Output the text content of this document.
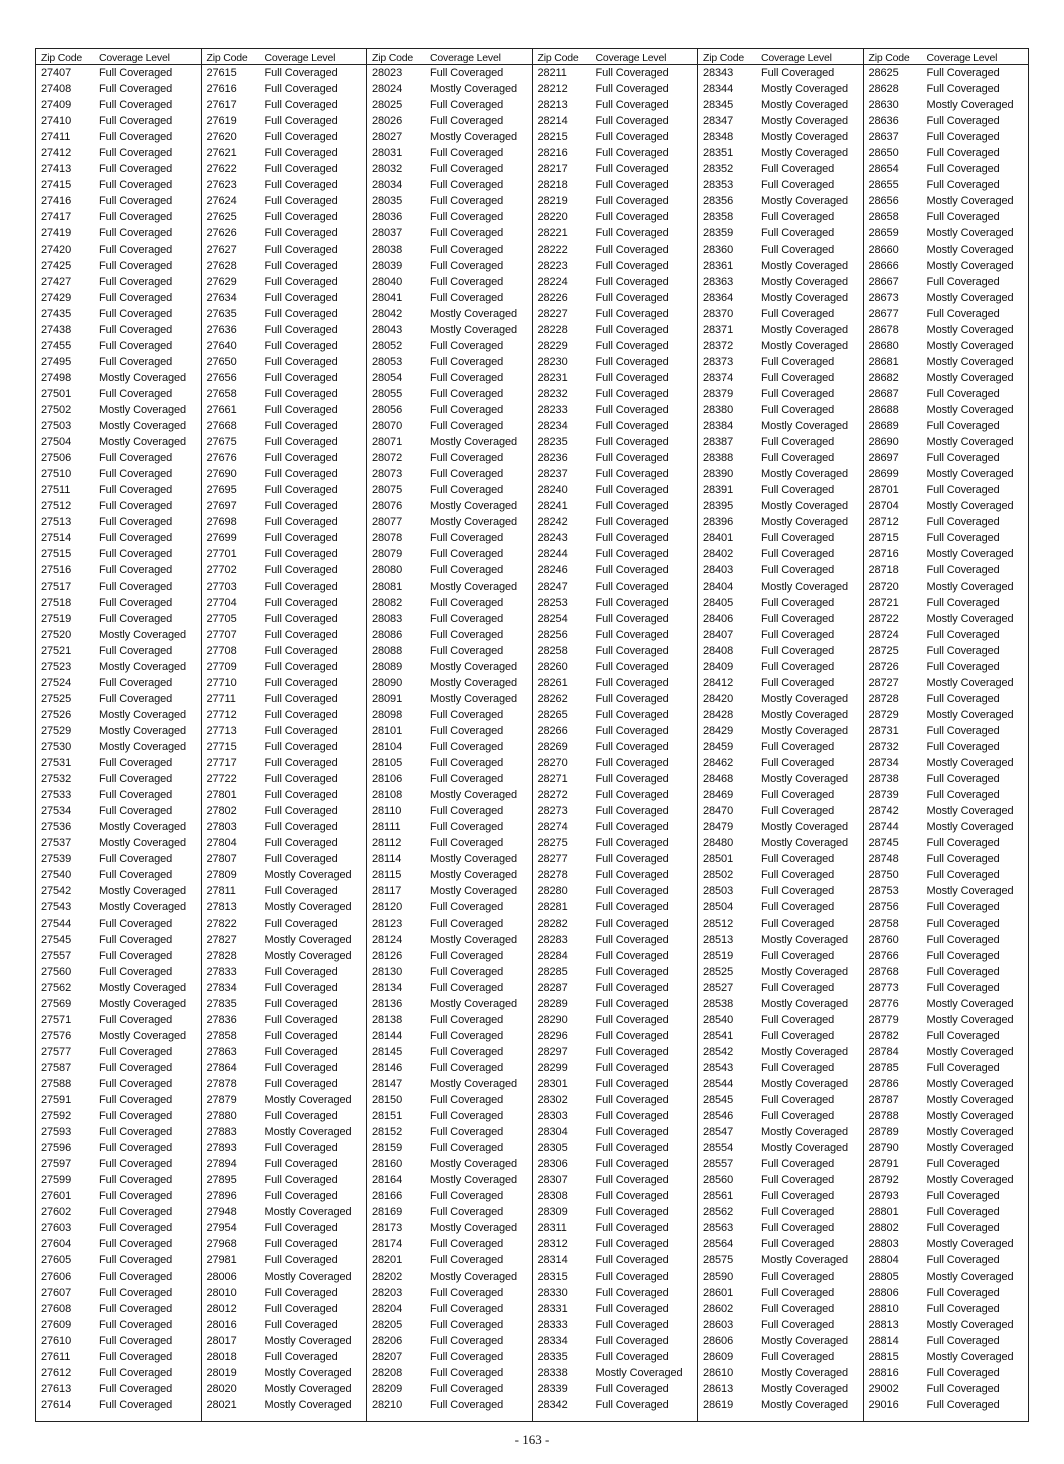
Zip Code	Coverage Level
27407	Full Coveraged
27408	Full Coveraged
27409	Full Coveraged
27410	Full Coveraged
27411	Full Coveraged
27412	Full Coveraged
27413	Full Coveraged
27415	Full Coveraged
27416	Full Coveraged
27417	Full Coveraged
27419	Full Coveraged
27420	Full Coveraged
27425	Full Coveraged
27427	Full Coveraged
27429	Full Coveraged
27435	Full Coveraged
27438	Full Coveraged
27455	Full Coveraged
27495	Full Coveraged
27498	Mostly Coveraged
27501	Full Coveraged
27502	Mostly Coveraged
27503	Mostly Coveraged
27504	Mostly Coveraged
27506	Full Coveraged
27510	Full Coveraged
27511	Full Coveraged
27512	Full Coveraged
27513	Full Coveraged
27514	Full Coveraged
27515	Full Coveraged
27516	Full Coveraged
27517	Full Coveraged
27518	Full Coveraged
27519	Full Coveraged
27520	Mostly Coveraged
27521	Full Coveraged
27523	Mostly Coveraged
27524	Full Coveraged
27525	Full Coveraged
27526	Mostly Coveraged
27529	Mostly Coveraged
27530	Mostly Coveraged
27531	Full Coveraged
27532	Full Coveraged
27533	Full Coveraged
27534	Full Coveraged
27536	Mostly Coveraged
27537	Mostly Coveraged
27539	Full Coveraged
27540	Full Coveraged
27542	Mostly Coveraged
27543	Mostly Coveraged
27544	Full Coveraged
27545	Full Coveraged
27557	Full Coveraged
27560	Full Coveraged
27562	Mostly Coveraged
27569	Mostly Coveraged
27571	Full Coveraged
27576	Mostly Coveraged
27577	Full Coveraged
27587	Full Coveraged
27588	Full Coveraged
27591	Full Coveraged
27592	Full Coveraged
27593	Full Coveraged
27596	Full Coveraged
27597	Full Coveraged
27599	Full Coveraged
27601	Full Coveraged
27602	Full Coveraged
27603	Full Coveraged
27604	Full Coveraged
27605	Full Coveraged
27606	Full Coveraged
27607	Full Coveraged
27608	Full Coveraged
27609	Full Coveraged
27610	Full Coveraged
27611	Full Coveraged
27612	Full Coveraged
27613	Full Coveraged
27614	Full Coveraged
Zip Code	Coverage Level
27615	Full Coveraged
27616	Full Coveraged
27617	Full Coveraged
27619	Full Coveraged
27620	Full Coveraged
27621	Full Coveraged
27622	Full Coveraged
27623	Full Coveraged
27624	Full Coveraged
27625	Full Coveraged
27626	Full Coveraged
27627	Full Coveraged
27628	Full Coveraged
27629	Full Coveraged
27634	Full Coveraged
27635	Full Coveraged
27636	Full Coveraged
27640	Full Coveraged
27650	Full Coveraged
27656	Full Coveraged
27658	Full Coveraged
27661	Full Coveraged
27668	Full Coveraged
27675	Full Coveraged
27676	Full Coveraged
27690	Full Coveraged
27695	Full Coveraged
27697	Full Coveraged
27698	Full Coveraged
27699	Full Coveraged
27701	Full Coveraged
27702	Full Coveraged
27703	Full Coveraged
27704	Full Coveraged
27705	Full Coveraged
27707	Full Coveraged
27708	Full Coveraged
27709	Full Coveraged
27710	Full Coveraged
27711	Full Coveraged
27712	Full Coveraged
27713	Full Coveraged
27715	Full Coveraged
27717	Full Coveraged
27722	Full Coveraged
27801	Full Coveraged
27802	Full Coveraged
27803	Full Coveraged
27804	Full Coveraged
27807	Full Coveraged
27809	Mostly Coveraged
27811	Full Coveraged
27813	Mostly Coveraged
27822	Full Coveraged
27827	Mostly Coveraged
27828	Mostly Coveraged
27833	Full Coveraged
27834	Full Coveraged
27835	Full Coveraged
27836	Full Coveraged
27858	Full Coveraged
27863	Full Coveraged
27864	Full Coveraged
27878	Full Coveraged
27879	Mostly Coveraged
27880	Full Coveraged
27883	Mostly Coveraged
27893	Full Coveraged
27894	Full Coveraged
27895	Full Coveraged
27896	Full Coveraged
27948	Mostly Coveraged
27954	Full Coveraged
27968	Full Coveraged
27981	Full Coveraged
28006	Mostly Coveraged
28010	Full Coveraged
28012	Full Coveraged
28016	Full Coveraged
28017	Mostly Coveraged
28018	Full Coveraged
28019	Mostly Coveraged
28020	Mostly Coveraged
28021	Mostly Coveraged
Zip Code	Coverage Level
28023	Full Coveraged
28024	Mostly Coveraged
28025	Full Coveraged
28026	Full Coveraged
28027	Mostly Coveraged
28031	Full Coveraged
28032	Full Coveraged
28034	Full Coveraged
28035	Full Coveraged
28036	Full Coveraged
28037	Full Coveraged
28038	Full Coveraged
28039	Full Coveraged
28040	Full Coveraged
28041	Full Coveraged
28042	Mostly Coveraged
28043	Mostly Coveraged
28052	Full Coveraged
28053	Full Coveraged
28054	Full Coveraged
28055	Full Coveraged
28056	Full Coveraged
28070	Full Coveraged
28071	Mostly Coveraged
28072	Full Coveraged
28073	Full Coveraged
28075	Full Coveraged
28076	Mostly Coveraged
28077	Mostly Coveraged
28078	Full Coveraged
28079	Full Coveraged
28080	Full Coveraged
28081	Mostly Coveraged
28082	Full Coveraged
28083	Full Coveraged
28086	Full Coveraged
28088	Full Coveraged
28089	Mostly Coveraged
28090	Mostly Coveraged
28091	Mostly Coveraged
28098	Full Coveraged
28101	Full Coveraged
28104	Full Coveraged
28105	Full Coveraged
28106	Full Coveraged
28108	Mostly Coveraged
28110	Full Coveraged
28111	Full Coveraged
28112	Full Coveraged
28114	Mostly Coveraged
28115	Mostly Coveraged
28117	Mostly Coveraged
28120	Full Coveraged
28123	Full Coveraged
28124	Mostly Coveraged
28126	Full Coveraged
28130	Full Coveraged
28134	Full Coveraged
28136	Mostly Coveraged
28138	Full Coveraged
28144	Full Coveraged
28145	Full Coveraged
28146	Full Coveraged
28147	Mostly Coveraged
28150	Full Coveraged
28151	Full Coveraged
28152	Full Coveraged
28159	Full Coveraged
28160	Mostly Coveraged
28164	Mostly Coveraged
28166	Full Coveraged
28169	Full Coveraged
28173	Mostly Coveraged
28174	Full Coveraged
28201	Full Coveraged
28202	Mostly Coveraged
28203	Full Coveraged
28204	Full Coveraged
28205	Full Coveraged
28206	Full Coveraged
28207	Full Coveraged
28208	Full Coveraged
28209	Full Coveraged
28210	Full Coveraged
Zip Code	Coverage Level
28211	Full Coveraged
28212	Full Coveraged
28213	Full Coveraged
28214	Full Coveraged
28215	Full Coveraged
28216	Full Coveraged
28217	Full Coveraged
28218	Full Coveraged
28219	Full Coveraged
28220	Full Coveraged
28221	Full Coveraged
28222	Full Coveraged
28223	Full Coveraged
28224	Full Coveraged
28226	Full Coveraged
28227	Full Coveraged
28228	Full Coveraged
28229	Full Coveraged
28230	Full Coveraged
28231	Full Coveraged
28232	Full Coveraged
28233	Full Coveraged
28234	Full Coveraged
28235	Full Coveraged
28236	Full Coveraged
28237	Full Coveraged
28240	Full Coveraged
28241	Full Coveraged
28242	Full Coveraged
28243	Full Coveraged
28244	Full Coveraged
28246	Full Coveraged
28247	Full Coveraged
28253	Full Coveraged
28254	Full Coveraged
28256	Full Coveraged
28258	Full Coveraged
28260	Full Coveraged
28261	Full Coveraged
28262	Full Coveraged
28265	Full Coveraged
28266	Full Coveraged
28269	Full Coveraged
28270	Full Coveraged
28271	Full Coveraged
28272	Full Coveraged
28273	Full Coveraged
28274	Full Coveraged
28275	Full Coveraged
28277	Full Coveraged
28278	Full Coveraged
28280	Full Coveraged
28281	Full Coveraged
28282	Full Coveraged
28283	Full Coveraged
28284	Full Coveraged
28285	Full Coveraged
28287	Full Coveraged
28289	Full Coveraged
28290	Full Coveraged
28296	Full Coveraged
28297	Full Coveraged
28299	Full Coveraged
28301	Full Coveraged
28302	Full Coveraged
28303	Full Coveraged
28304	Full Coveraged
28305	Full Coveraged
28306	Full Coveraged
28307	Full Coveraged
28308	Full Coveraged
28309	Full Coveraged
28311	Full Coveraged
28312	Full Coveraged
28314	Full Coveraged
28315	Full Coveraged
28330	Full Coveraged
28331	Full Coveraged
28333	Full Coveraged
28334	Full Coveraged
28335	Full Coveraged
28338	Mostly Coveraged
28339	Full Coveraged
28342	Full Coveraged
Zip Code	Coverage Level
28343	Full Coveraged
28344	Mostly Coveraged
28345	Mostly Coveraged
28347	Mostly Coveraged
28348	Mostly Coveraged
28351	Mostly Coveraged
28352	Full Coveraged
28353	Full Coveraged
28356	Mostly Coveraged
28358	Full Coveraged
28359	Full Coveraged
28360	Full Coveraged
28361	Mostly Coveraged
28363	Mostly Coveraged
28364	Mostly Coveraged
28370	Full Coveraged
28371	Mostly Coveraged
28372	Mostly Coveraged
28373	Full Coveraged
28374	Full Coveraged
28379	Full Coveraged
28380	Full Coveraged
28384	Mostly Coveraged
28387	Full Coveraged
28388	Full Coveraged
28390	Mostly Coveraged
28391	Full Coveraged
28395	Mostly Coveraged
28396	Mostly Coveraged
28401	Full Coveraged
28402	Full Coveraged
28403	Full Coveraged
28404	Mostly Coveraged
28405	Full Coveraged
28406	Full Coveraged
28407	Full Coveraged
28408	Full Coveraged
28409	Full Coveraged
28412	Full Coveraged
28420	Mostly Coveraged
28428	Mostly Coveraged
28429	Mostly Coveraged
28459	Full Coveraged
28462	Full Coveraged
28468	Mostly Coveraged
28469	Full Coveraged
28470	Full Coveraged
28479	Mostly Coveraged
28480	Mostly Coveraged
28501	Full Coveraged
28502	Full Coveraged
28503	Full Coveraged
28504	Full Coveraged
28512	Full Coveraged
28513	Mostly Coveraged
28519	Full Coveraged
28525	Mostly Coveraged
28527	Full Coveraged
28538	Mostly Coveraged
28540	Full Coveraged
28541	Full Coveraged
28542	Mostly Coveraged
28543	Full Coveraged
28544	Mostly Coveraged
28545	Full Coveraged
28546	Full Coveraged
28547	Mostly Coveraged
28554	Mostly Coveraged
28557	Full Coveraged
28560	Full Coveraged
28561	Full Coveraged
28562	Full Coveraged
28563	Full Coveraged
28564	Full Coveraged
28575	Mostly Coveraged
28590	Full Coveraged
28601	Full Coveraged
28602	Full Coveraged
28603	Full Coveraged
28606	Mostly Coveraged
28609	Full Coveraged
28610	Mostly Coveraged
28613	Mostly Coveraged
28619	Mostly Coveraged
Zip Code	Coverage Level
28625	Full Coveraged
28628	Full Coveraged
28630	Mostly Coveraged
28636	Full Coveraged
28637	Full Coveraged
28650	Full Coveraged
28654	Full Coveraged
28655	Full Coveraged
28656	Mostly Coveraged
28658	Full Coveraged
28659	Mostly Coveraged
28660	Mostly Coveraged
28666	Mostly Coveraged
28667	Full Coveraged
28673	Mostly Coveraged
28677	Full Coveraged
28678	Mostly Coveraged
28680	Mostly Coveraged
28681	Mostly Coveraged
28682	Mostly Coveraged
28687	Full Coveraged
28688	Mostly Coveraged
28689	Full Coveraged
28690	Mostly Coveraged
28697	Full Coveraged
28699	Mostly Coveraged
28701	Full Coveraged
28704	Mostly Coveraged
28712	Full Coveraged
28715	Full Coveraged
28716	Mostly Coveraged
28718	Full Coveraged
28720	Mostly Coveraged
28721	Full Coveraged
28722	Mostly Coveraged
28724	Full Coveraged
28725	Full Coveraged
28726	Full Coveraged
28727	Mostly Coveraged
28728	Full Coveraged
28729	Mostly Coveraged
28731	Full Coveraged
28732	Full Coveraged
28734	Mostly Coveraged
28738	Full Coveraged
28739	Full Coveraged
28742	Mostly Coveraged
28744	Mostly Coveraged
28745	Full Coveraged
28748	Full Coveraged
28750	Full Coveraged
28753	Mostly Coveraged
28756	Full Coveraged
28758	Full Coveraged
28760	Full Coveraged
28766	Full Coveraged
28768	Full Coveraged
28773	Full Coveraged
28776	Mostly Coveraged
28779	Mostly Coveraged
28782	Full Coveraged
28784	Mostly Coveraged
28785	Full Coveraged
28786	Mostly Coveraged
28787	Mostly Coveraged
28788	Mostly Coveraged
28789	Mostly Coveraged
28790	Mostly Coveraged
28791	Full Coveraged
28792	Mostly Coveraged
28793	Full Coveraged
28801	Full Coveraged
28802	Full Coveraged
28803	Mostly Coveraged
28804	Full Coveraged
28805	Mostly Coveraged
28806	Full Coveraged
28810	Full Coveraged
28813	Mostly Coveraged
28814	Full Coveraged
28815	Mostly Coveraged
28816	Full Coveraged
29002	Full Coveraged
29016	Full Coveraged
- 163 -
